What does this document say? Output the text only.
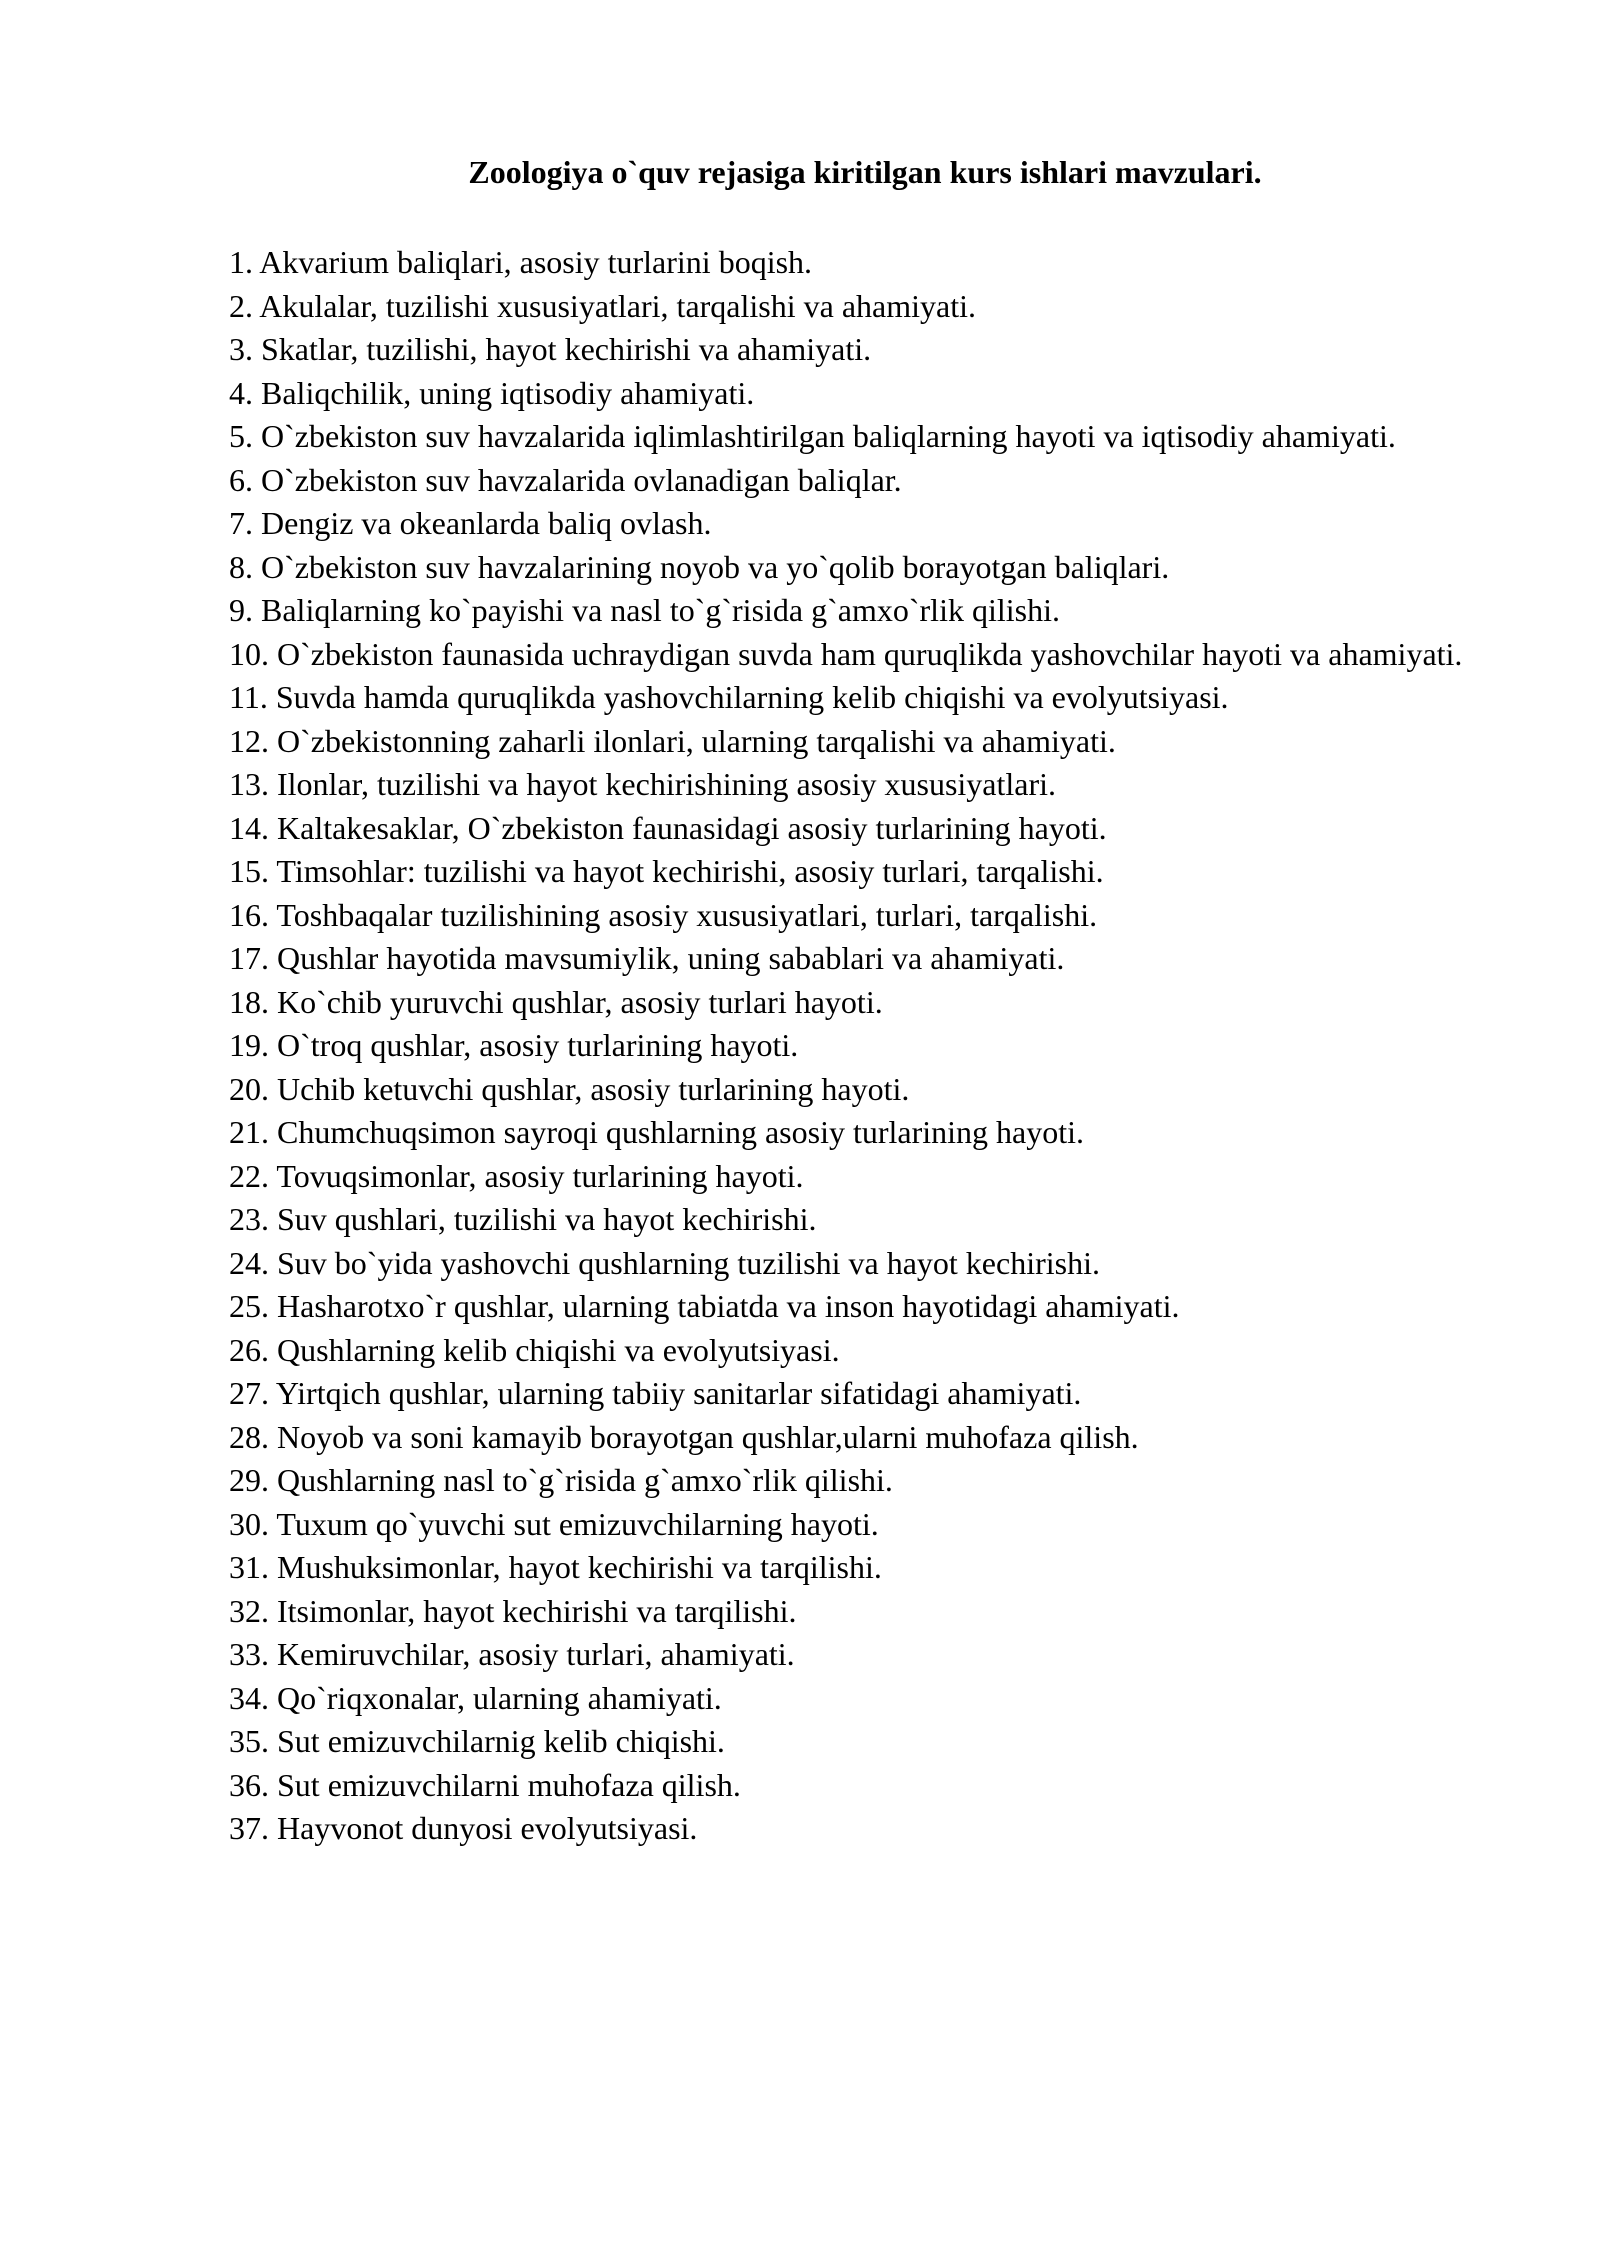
Zoologiya o`quv rejasiga kiritilgan kurs ishlari mavzulari.
1. Akvarium baliqlari, asosiy turlarini boqish.
2. Akulalar, tuzilishi xususiyatlari, tarqalishi va ahamiyati.
3. Skatlar, tuzilishi, hayot kechirishi va ahamiyati.
4. Baliqchilik, uning iqtisodiy ahamiyati.
5. O`zbekiston suv havzalarida iqlimlashtirilgan baliqlarning hayoti va iqtisodiy ahamiyati.
6. O`zbekiston suv havzalarida ovlanadigan baliqlar.
7. Dengiz va okeanlarda baliq ovlash.
8. O`zbekiston suv havzalarining noyob va yo`qolib borayotgan baliqlari.
9. Baliqlarning ko`payishi va nasl to`g`risida g`amxo`rlik qilishi.
10. O`zbekiston faunasida uchraydigan suvda ham quruqlikda yashovchilar hayoti va ahamiyati.
11. Suvda hamda quruqlikda yashovchilarning kelib chiqishi va evolyutsiyasi.
12. O`zbekistonning zaharli ilonlari, ularning tarqalishi va ahamiyati.
13. Ilonlar, tuzilishi va hayot kechirishining asosiy xususiyatlari.
14. Kaltakesaklar, O`zbekiston faunasidagi asosiy turlarining hayoti.
15. Timsohlar: tuzilishi va hayot kechirishi, asosiy turlari, tarqalishi.
16. Toshbaqalar tuzilishining asosiy xususiyatlari, turlari, tarqalishi.
17. Qushlar hayotida mavsumiylik, uning sabablari va ahamiyati.
18. Ko`chib yuruvchi qushlar, asosiy turlari hayoti.
19. O`troq qushlar, asosiy turlarining hayoti.
20. Uchib ketuvchi qushlar, asosiy turlarining hayoti.
21. Chumchuqsimon sayroqi qushlarning asosiy turlarining hayoti.
22. Tovuqsimonlar, asosiy turlarining hayoti.
23. Suv qushlari, tuzilishi va hayot kechirishi.
24. Suv bo`yida yashovchi qushlarning tuzilishi va hayot kechirishi.
25. Hasharotxo`r qushlar, ularning tabiatda va inson hayotidagi ahamiyati.
26. Qushlarning kelib chiqishi va evolyutsiyasi.
27. Yirtqich qushlar, ularning tabiiy sanitarlar sifatidagi ahamiyati.
28. Noyob va soni kamayib borayotgan qushlar,ularni muhofaza qilish.
29. Qushlarning nasl to`g`risida g`amxo`rlik qilishi.
30. Tuxum qo`yuvchi sut emizuvchilarning hayoti.
31. Mushuksimonlar, hayot kechirishi va tarqilishi.
32. Itsimonlar, hayot kechirishi va tarqilishi.
33. Kemiruvchilar, asosiy turlari, ahamiyati.
34. Qo`riqxonalar, ularning ahamiyati.
35. Sut emizuvchilarnig kelib chiqishi.
36. Sut emizuvchilarni muhofaza qilish.
37. Hayvonot dunyosi evolyutsiyasi.
